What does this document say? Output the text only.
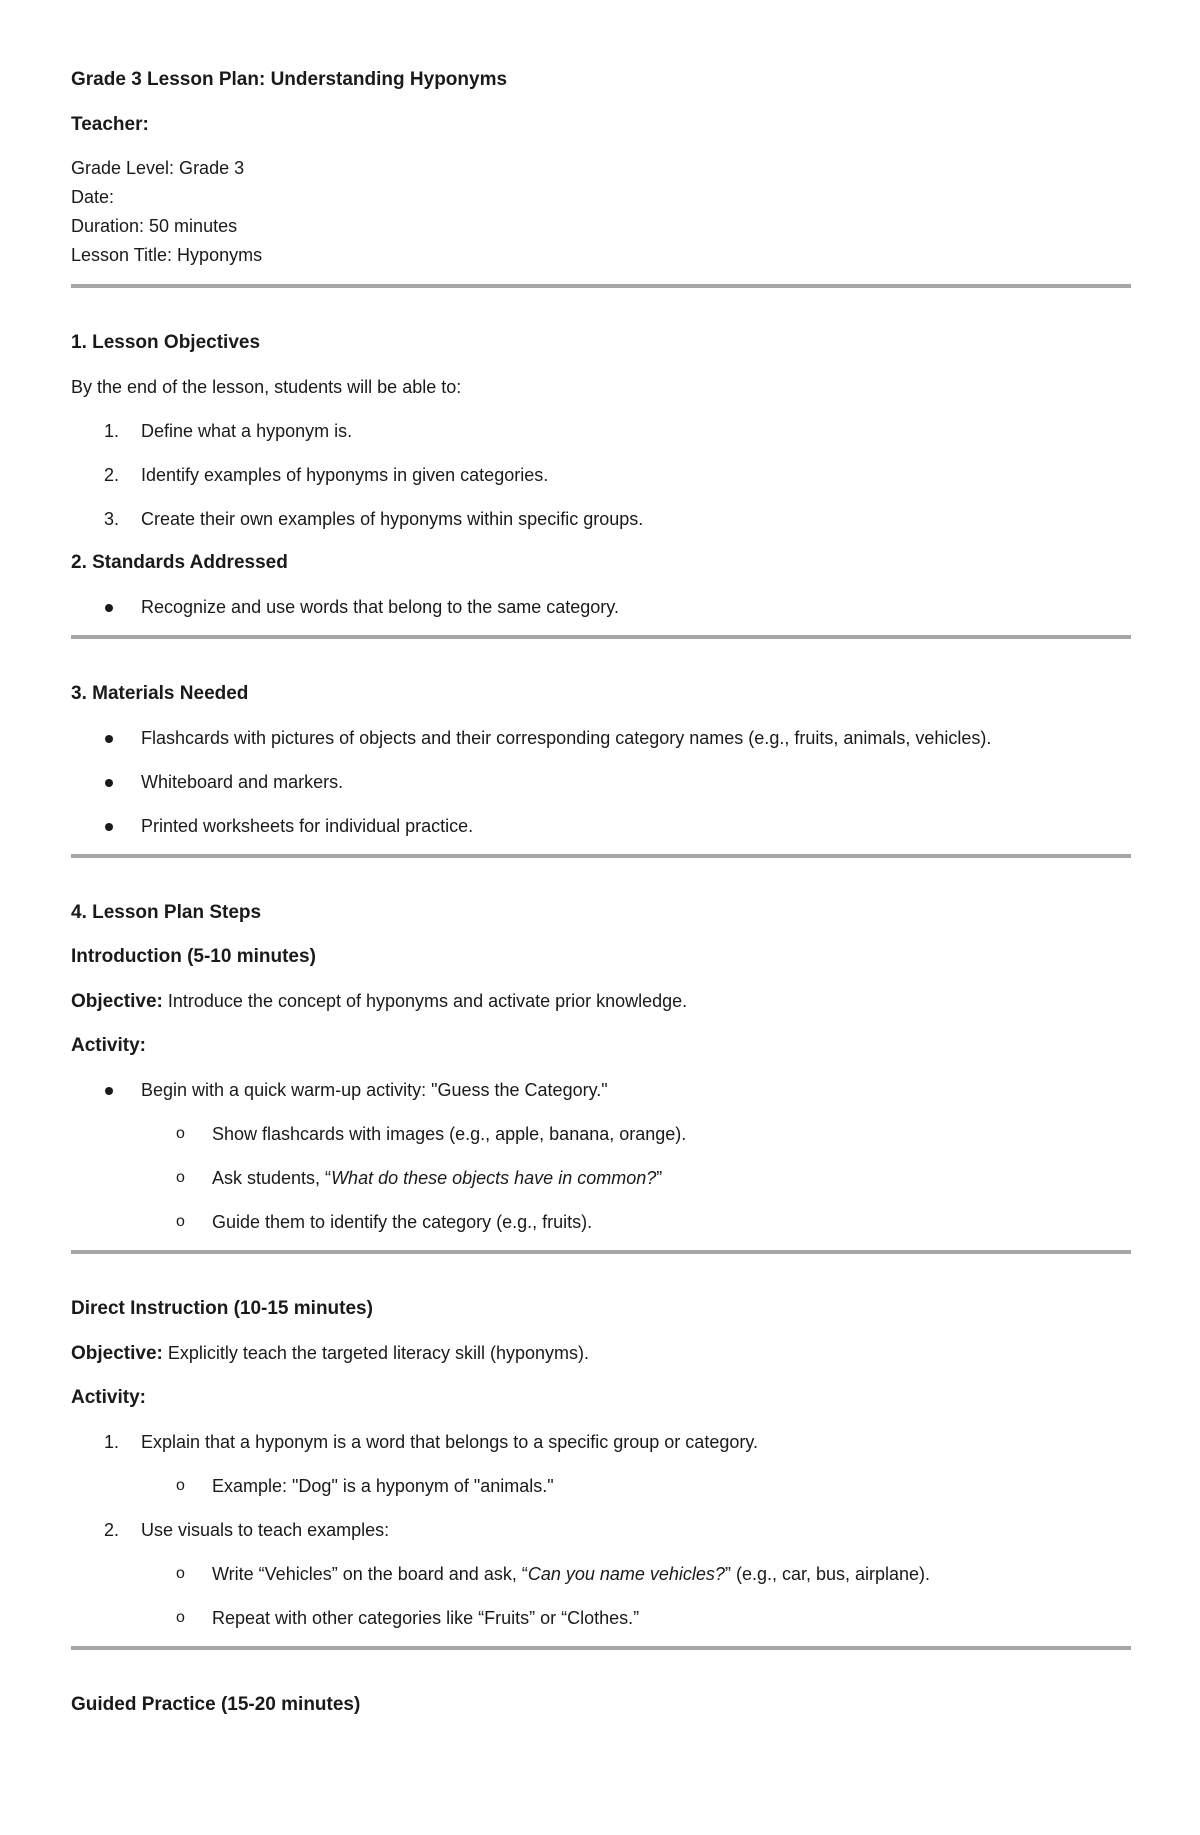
Grade 3 Lesson Plan: Understanding Hyponyms

Teacher:

Grade Level: Grade 3
Date:
Duration: 50 minutes
Lesson Title: Hyponyms
1. Lesson Objectives
By the end of the lesson, students will be able to:
1. Define what a hyponym is.
2. Identify examples of hyponyms in given categories.
3. Create their own examples of hyponyms within specific groups.
2. Standards Addressed
Recognize and use words that belong to the same category.
3. Materials Needed
Flashcards with pictures of objects and their corresponding category names (e.g., fruits, animals, vehicles).
Whiteboard and markers.
Printed worksheets for individual practice.
4. Lesson Plan Steps
Introduction (5-10 minutes)
Objective: Introduce the concept of hyponyms and activate prior knowledge.
Activity:
Begin with a quick warm-up activity: "Guess the Category."
o Show flashcards with images (e.g., apple, banana, orange).
o Ask students, “What do these objects have in common?”
o Guide them to identify the category (e.g., fruits).
Direct Instruction (10-15 minutes)
Objective: Explicitly teach the targeted literacy skill (hyponyms).
Activity:
1. Explain that a hyponym is a word that belongs to a specific group or category.
o Example: "Dog" is a hyponym of "animals."
2. Use visuals to teach examples:
o Write “Vehicles” on the board and ask, “Can you name vehicles?” (e.g., car, bus, airplane).
o Repeat with other categories like “Fruits” or “Clothes.”
Guided Practice (15-20 minutes)
